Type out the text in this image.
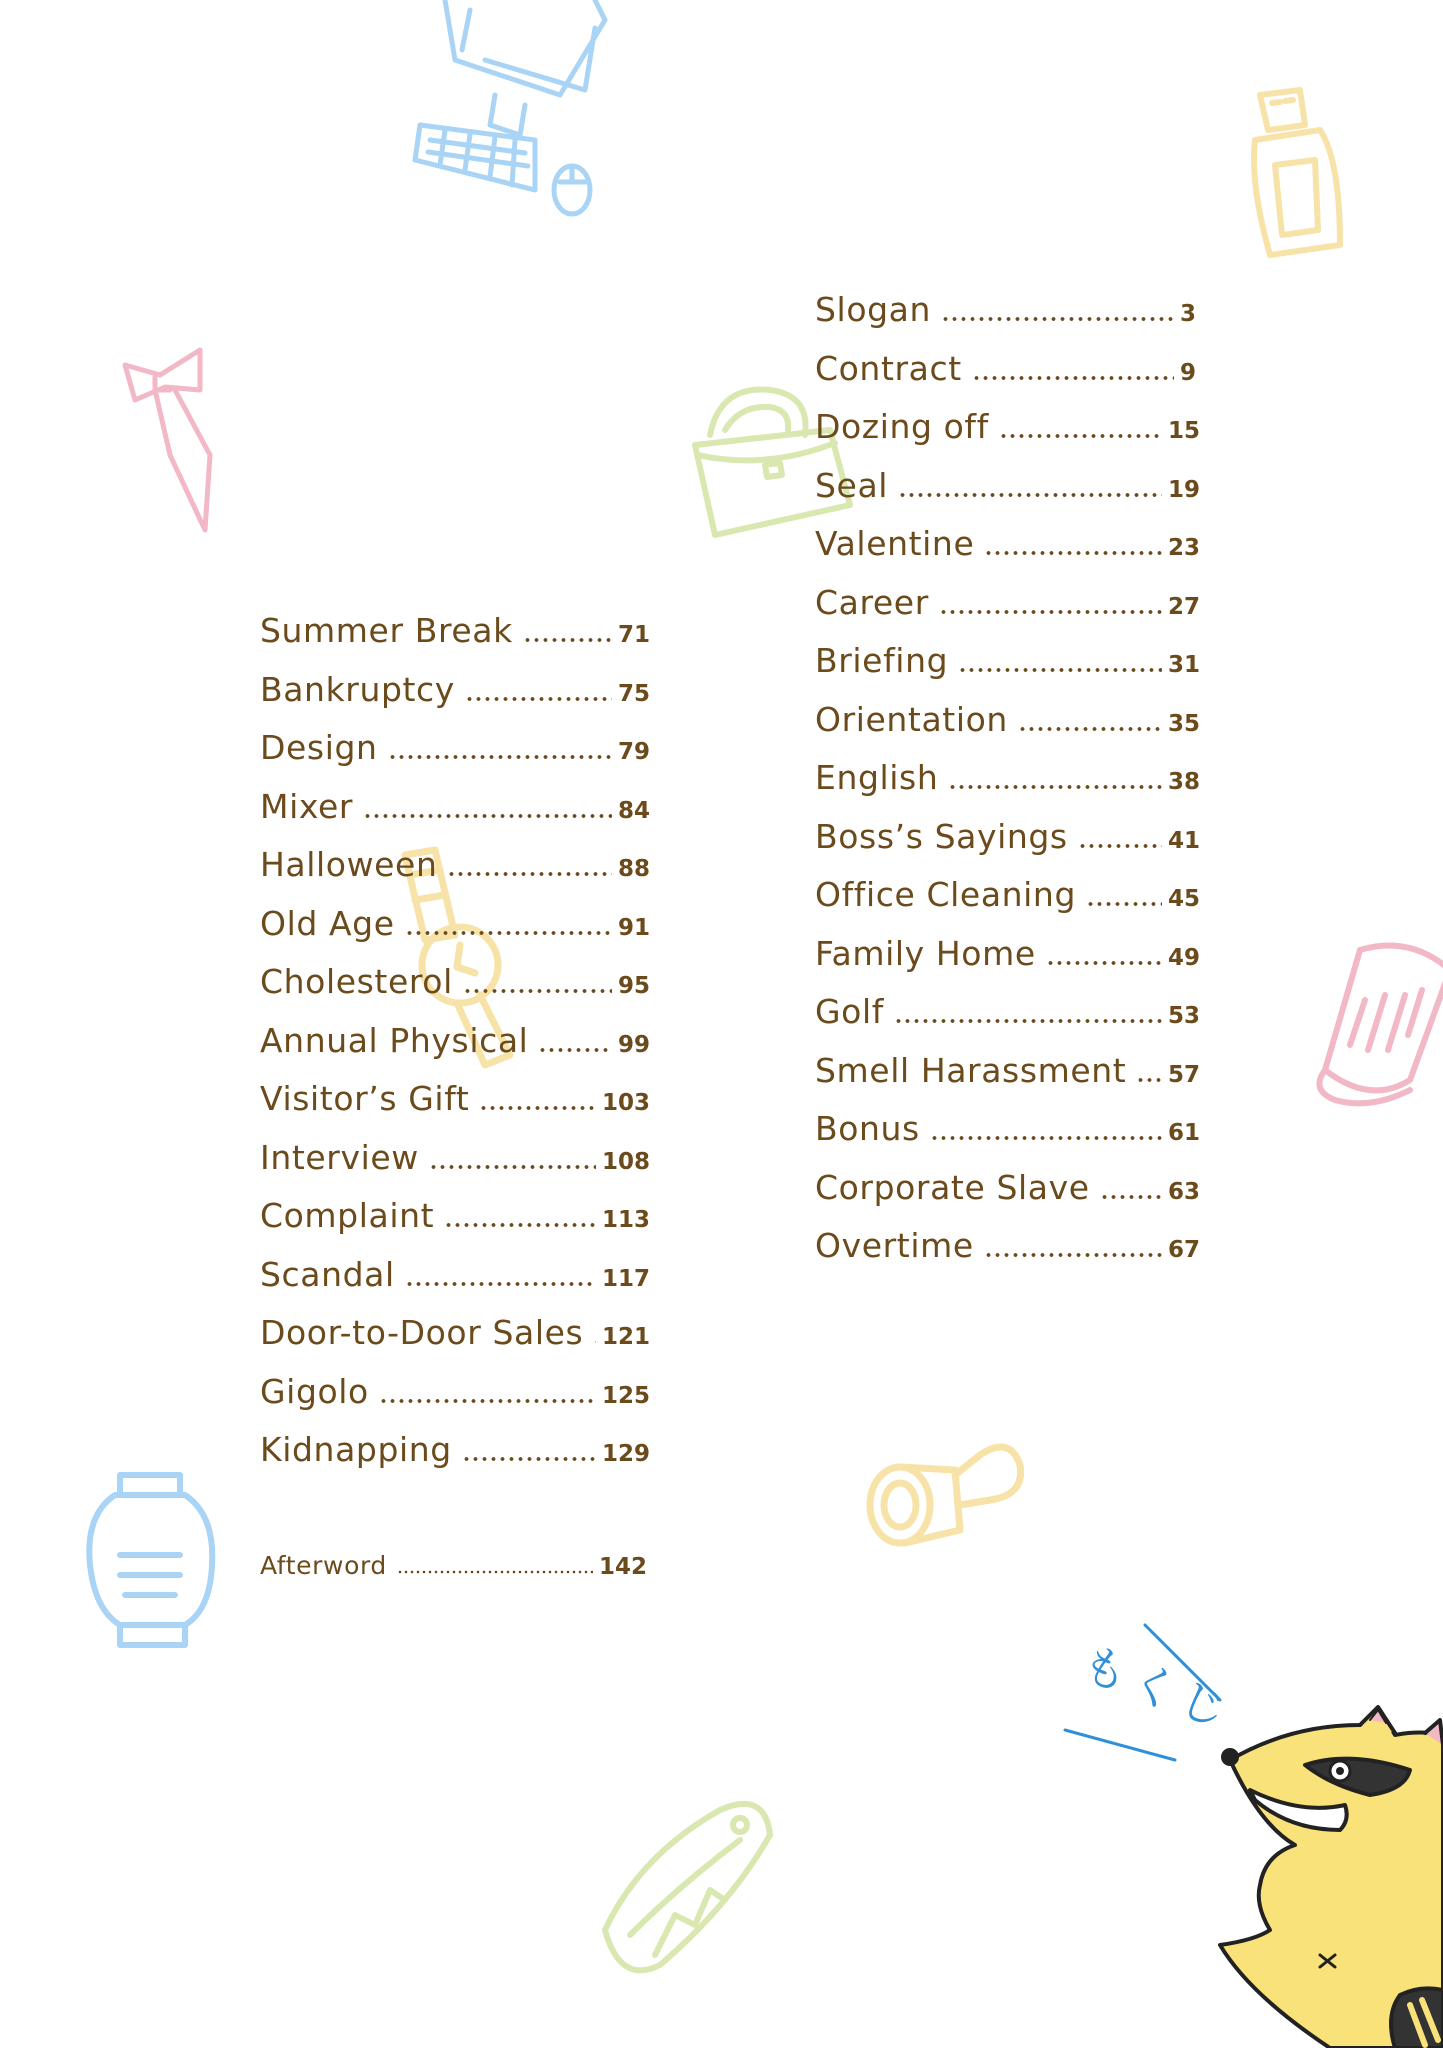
もくじ
Slogan	3
Contract	9
Dozing off	15
Seal	19
Valentine	23
Career	27
Briefing	31
Orientation	35
English	38
Boss’s Sayings	41
Office Cleaning	45
Family Home	49
Golf	53
Smell Harassment 57
Bonus	61
Corporate Slave	63
Overtime	67
Summer Break	71
Bankruptcy	75
Design	79
Mixer	84
Halloween	88
Old Age	91
Cholesterol	95
Annual Physical	99
Visitor’s Gift	103
Interview	108
Complaint	113
Scandal	117
Door-to-Door Sales 121
Gigolo	125
Kidnapping	129
Afterword	142
